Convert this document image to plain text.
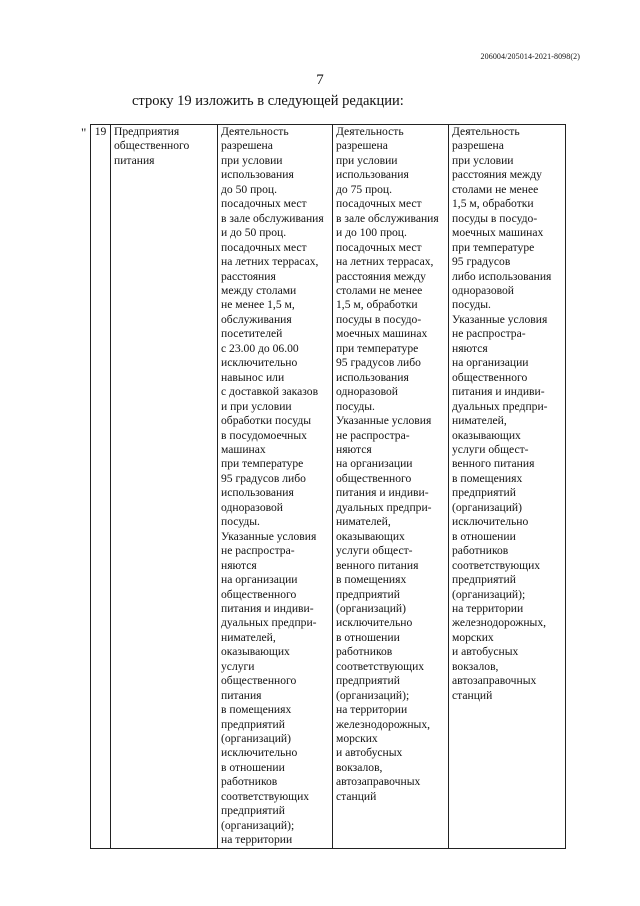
206004/205014-2021-8098(2)
7
строку 19 изложить в следующей редакции:
" 19	Предприятия
общественного
питания

Деятельность
разрешена
при условии
использования
до 50 проц.
посадочных мест
в зале обслуживания
и до 50 проц.
посадочных мест
на летних террасах,
расстояния
между столами
не менее 1,5 м,
обслуживания
посетителей
с 23.00 до 06.00
исключительно
навынос или
с доставкой заказов
и при условии
обработки посуды
в посудомоечных
машинах
при температуре
95 градусов либо
использования
одноразовой
посуды.
Указанные условия
не распростра-
няются
на организации
общественного
питания и индиви-
дуальных предпри-
нимателей,
оказывающих
услуги
общественного
питания
в помещениях
предприятий
(организаций)
исключительно
в отношении
работников
соответствующих
предприятий
(организаций);
на территории

Деятельность
разрешена
при условии
использования
до 75 проц.
посадочных мест
в зале обслуживания
и до 100 проц.
посадочных мест
на летних террасах,
расстояния между
столами не менее
1,5 м, обработки
посуды в посудо-
моечных машинах
при температуре
95 градусов либо
использования
одноразовой
посуды.
Указанные условия
не распростра-
няются
на организации
общественного
питания и индиви-
дуальных предпри-
нимателей,
оказывающих
услуги общест-
венного питания
в помещениях
предприятий
(организаций)
исключительно
в отношении
работников
соответствующих
предприятий
(организаций);
на территории
железнодорожных,
морских
и автобусных
вокзалов,
автозаправочных
станций

Деятельность
разрешена
при условии
расстояния между
столами не менее
1,5 м, обработки
посуды в посудо-
моечных машинах
при температуре
95 градусов
либо использования
одноразовой
посуды.
Указанные условия
не распростра-
няются
на организации
общественного
питания и индиви-
дуальных предпри-
нимателей,
оказывающих
услуги общест-
венного питания
в помещениях
предприятий
(организаций)
исключительно
в отношении
работников
соответствующих
предприятий
(организаций);
на территории
железнодорожных,
морских
и автобусных
вокзалов,
автозаправочных
станций
